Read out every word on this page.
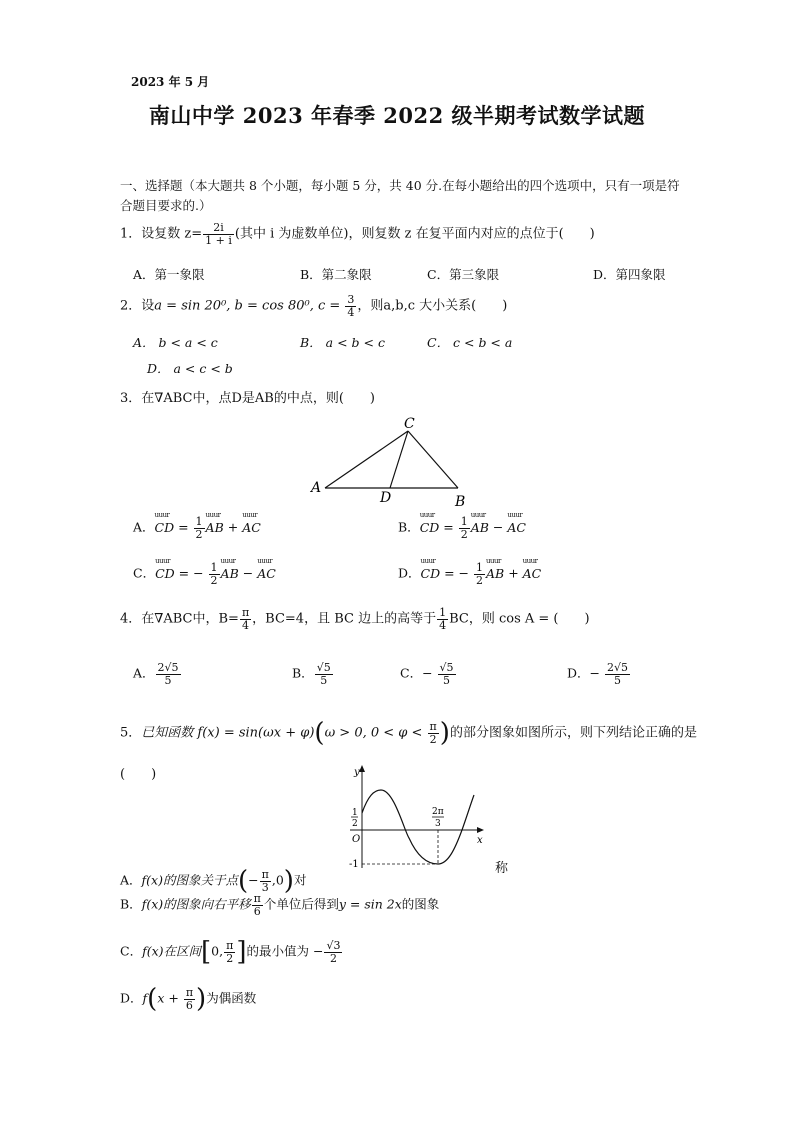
2023 年 5 月
南山中学 2023 年春季 2022 级半期考试数学试题
一、选择题（本大题共 8 个小题，每小题 5 分，共 40 分.在每小题给出的四个选项中，只有一项是符合题目要求的.）
1．设复数 $z= \frac{2i}{1 + i}$ (其中 i 为虚数单位)，则复数 z 在复平面内对应的点位于(　　)
A．第一象限	B．第二象限	C．第三象限	D．第四象限
2．设a = sin 20⁰, b = cos 80⁰, $c = \frac{3}{4}$ ，则a,b,c 大小关系(　　)
A． b < a < c	B． a < b < c	C． c < b < a
D． a < c < b
3．在∇ABC中，点D是AB的中点，则(　　)
A
B
C
D
A．uuur CD = $\frac{1}{2}$ uuur AB + uuur AC	B．uuur CD = $\frac{1}{2}$ uuur AB − uuur AC
C．uuur CD = − $\frac{1}{2}$ uuur AB − uuur AC	D．uuur CD = − $\frac{1}{2}$ uuur AB + uuur AC
4．在∇ABC中，$B= \frac{\pi}{4}$ ，BC=4，且 BC 边上的高等于 $\frac{1}{4}$ BC，则 cos A = (　　)
A． $\frac{2√5}{5}$	B． $\frac{√5}{5}$	C．− $\frac{√5}{5}$	D．− $\frac{2√5}{5}$
5．已知函数 f(x) = sin(ωx + φ)(ω > 0, $0 < \varphi < \frac{\pi}{2}$ )的部分图象如图所示，则下列结论正确的是
(　　)	y
x
O
1
2
-1
2π
3
称
A．f(x)的图象关于点(− $\frac{\pi}{3} ,0$)对
B．f(x)的图象向右平移 $\frac{\pi}{6}$ 个单位后得到y = sin 2x的图象
C．f(x)在区间[0, $\frac{\pi}{2}$ ]的最小值为 − $\frac{√3}{2}$
D．$f(x + \frac{\pi}{6}$ )为偶函数
